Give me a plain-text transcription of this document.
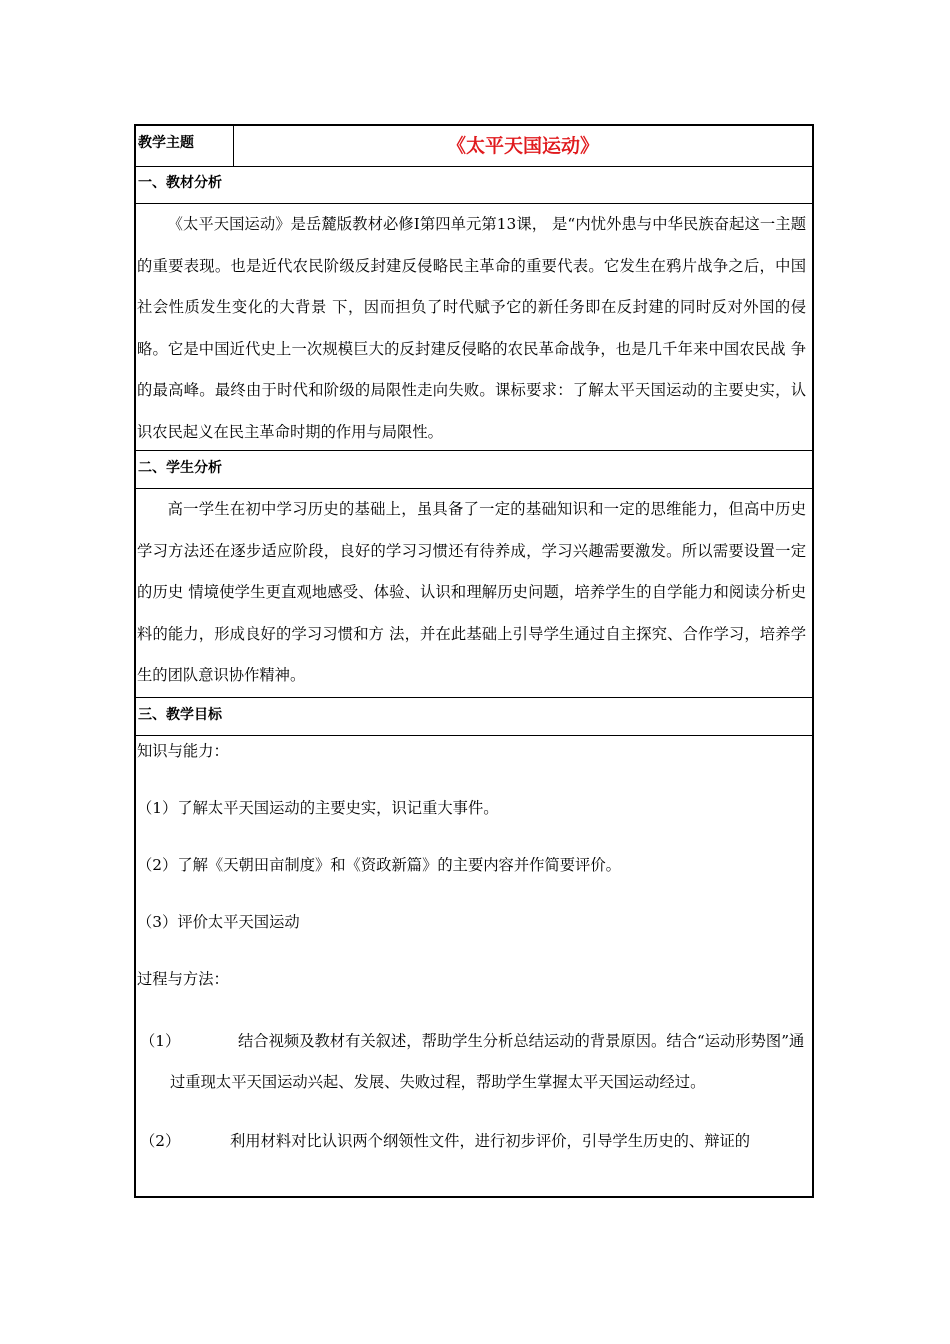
教学主题	《太平天国运动》
一、教材分析
《太平天国运动》是岳麓版教材必修Ⅰ第四单元第13课， 是“内忧外患与中华民族奋起这一主题的重要表现。也是近代农民阶级反封建反侵略民主革命的重要代表。它发生在鸦片战争之后，中国社会性质发生变化的大背景 下，因而担负了时代赋予它的新任务即在反封建的同时反对外国的侵略。它是中国近代史上一次规模巨大的反封建反侵略的农民革命战争，也是几千年来中国农民战 争的最高峰。最终由于时代和阶级的局限性走向失败。课标要求：了解太平天国运动的主要史实，认识农民起义在民主革命时期的作用与局限性。
二、学生分析
高一学生在初中学习历史的基础上，虽具备了一定的基础知识和一定的思维能力，但高中历史学习方法还在逐步适应阶段，良好的学习习惯还有待养成，学习兴趣需要激发。所以需要设置一定的历史 情境使学生更直观地感受、体验、认识和理解历史问题，培养学生的自学能力和阅读分析史料的能力，形成良好的学习习惯和方 法，并在此基础上引导学生通过自主探究、合作学习，培养学生的团队意识协作精神。
三、教学目标

知识与能力：

（1）了解太平天国运动的主要史实，识记重大事件。

（2）了解《天朝田亩制度》和《资政新篇》的主要内容并作简要评价。

（3）评价太平天国运动

过程与方法：

（1）	结合视频及教材有关叙述，帮助学生分析总结运动的背景原因。结合“运动形势图”通过重现太平天国运动兴起、发展、失败过程，帮助学生掌握太平天国运动经过。

（2）	利用材料对比认识两个纲领性文件，进行初步评价，引导学生历史的、辩证的
